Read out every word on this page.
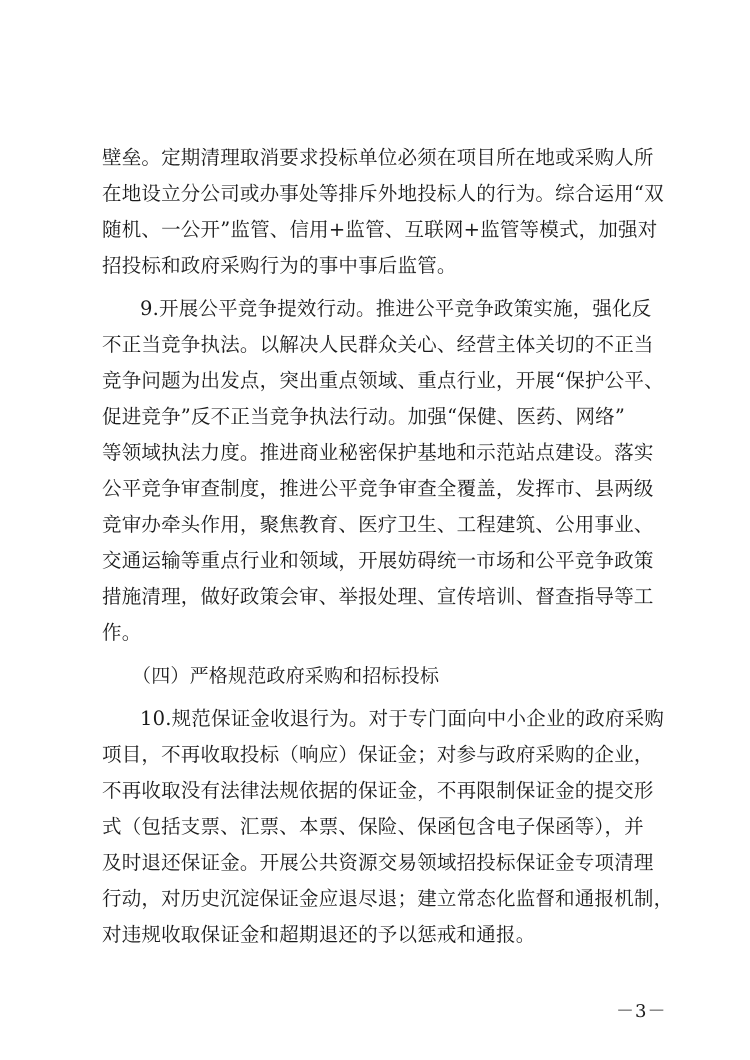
壁垒。定期清理取消要求投标单位必须在项目所在地或采购人所
在地设立分公司或办事处等排斥外地投标人的行为。综合运用“双
随机、一公开”监管、信用+监管、互联网+监管等模式，加强对
招投标和政府采购行为的事中事后监管。
9.开展公平竞争提效行动。推进公平竞争政策实施，强化反
不正当竞争执法。以解决人民群众关心、经营主体关切的不正当
竞争问题为出发点，突出重点领域、重点行业，开展“保护公平、
促进竞争”反不正当竞争执法行动。加强“保健、医药、网络”
等领域执法力度。推进商业秘密保护基地和示范站点建设。落实
公平竞争审查制度，推进公平竞争审查全覆盖，发挥市、县两级
竞审办牵头作用，聚焦教育、医疗卫生、工程建筑、公用事业、
交通运输等重点行业和领域，开展妨碍统一市场和公平竞争政策
措施清理，做好政策会审、举报处理、宣传培训、督查指导等工
作。
（四）严格规范政府采购和招标投标
10.规范保证金收退行为。对于专门面向中小企业的政府采购
项目，不再收取投标（响应）保证金；对参与政府采购的企业，
不再收取没有法律法规依据的保证金，不再限制保证金的提交形
式（包括支票、汇票、本票、保险、保函包含电子保函等），并
及时退还保证金。开展公共资源交易领域招投标保证金专项清理
行动，对历史沉淀保证金应退尽退；建立常态化监督和通报机制，
对违规收取保证金和超期退还的予以惩戒和通报。
－3－
